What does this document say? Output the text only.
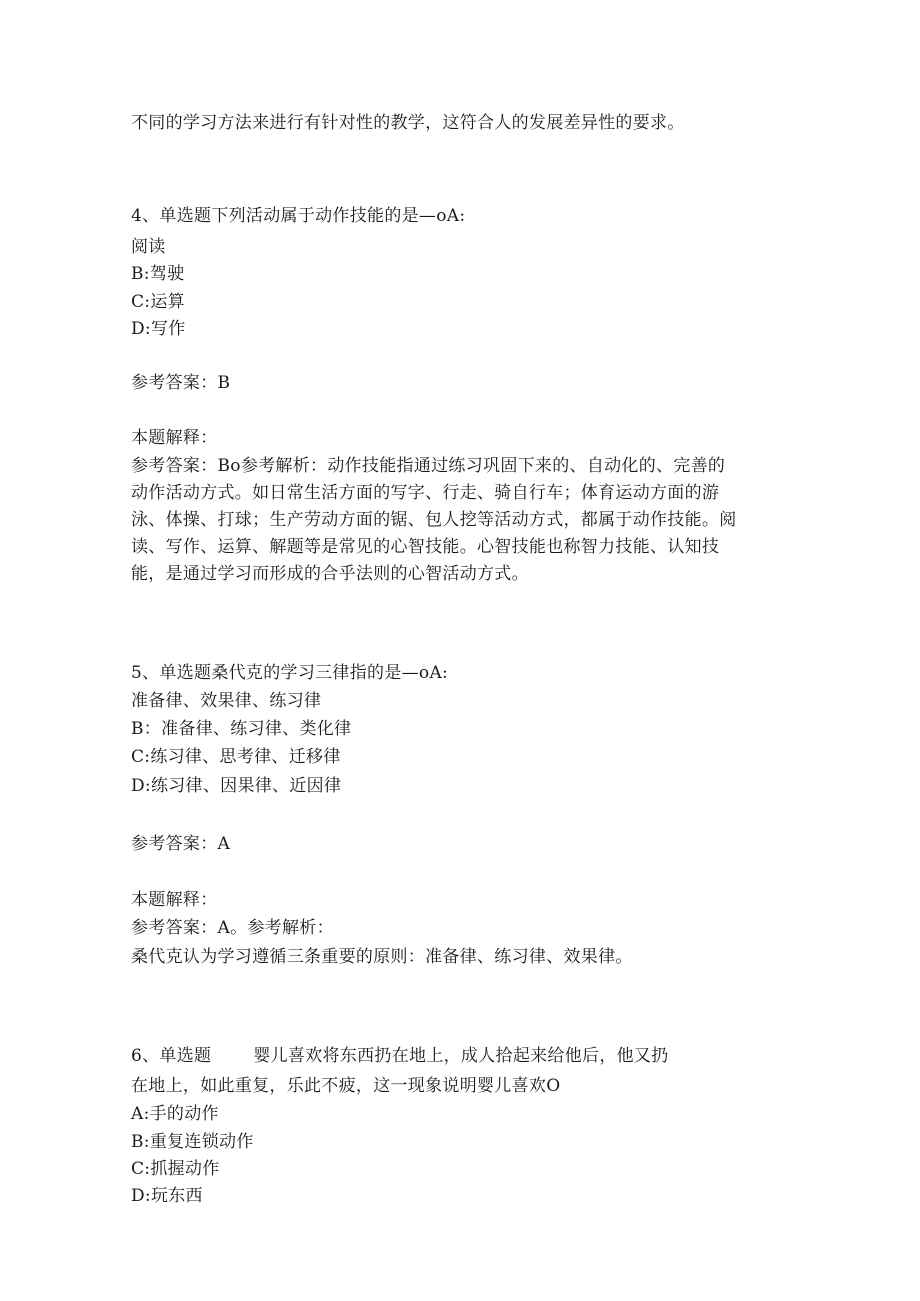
不同的学习方法来进行有针对性的教学，这符合人的发展差异性的要求。
4、单选题下列活动属于动作技能的是—oA:
阅读
B:驾驶
C:运算
D:写作
参考答案：B
本题解释：
参考答案：Bo参考解析：动作技能指通过练习巩固下来的、自动化的、完善的
动作活动方式。如日常生活方面的写字、行走、骑自行车；体育运动方面的游
泳、体操、打球；生产劳动方面的锯、包人挖等活动方式，都属于动作技能。阅
读、写作、运算、解题等是常见的心智技能。心智技能也称智力技能、认知技
能，是通过学习而形成的合乎法则的心智活动方式。
5、单选题桑代克的学习三律指的是—oA:
准备律、效果律、练习律
B：准备律、练习律、类化律
C:练习律、思考律、迁移律
D:练习律、因果律、近因律
参考答案：A
本题解释：
参考答案：A。参考解析：
桑代克认为学习遵循三条重要的原则：准备律、练习律、效果律。
6、单选题 婴儿喜欢将东西扔在地上，成人拾起来给他后，他又扔
在地上，如此重复，乐此不疲，这一现象说明婴儿喜欢O
A:手的动作
B:重复连锁动作
C:抓握动作
D:玩东西
